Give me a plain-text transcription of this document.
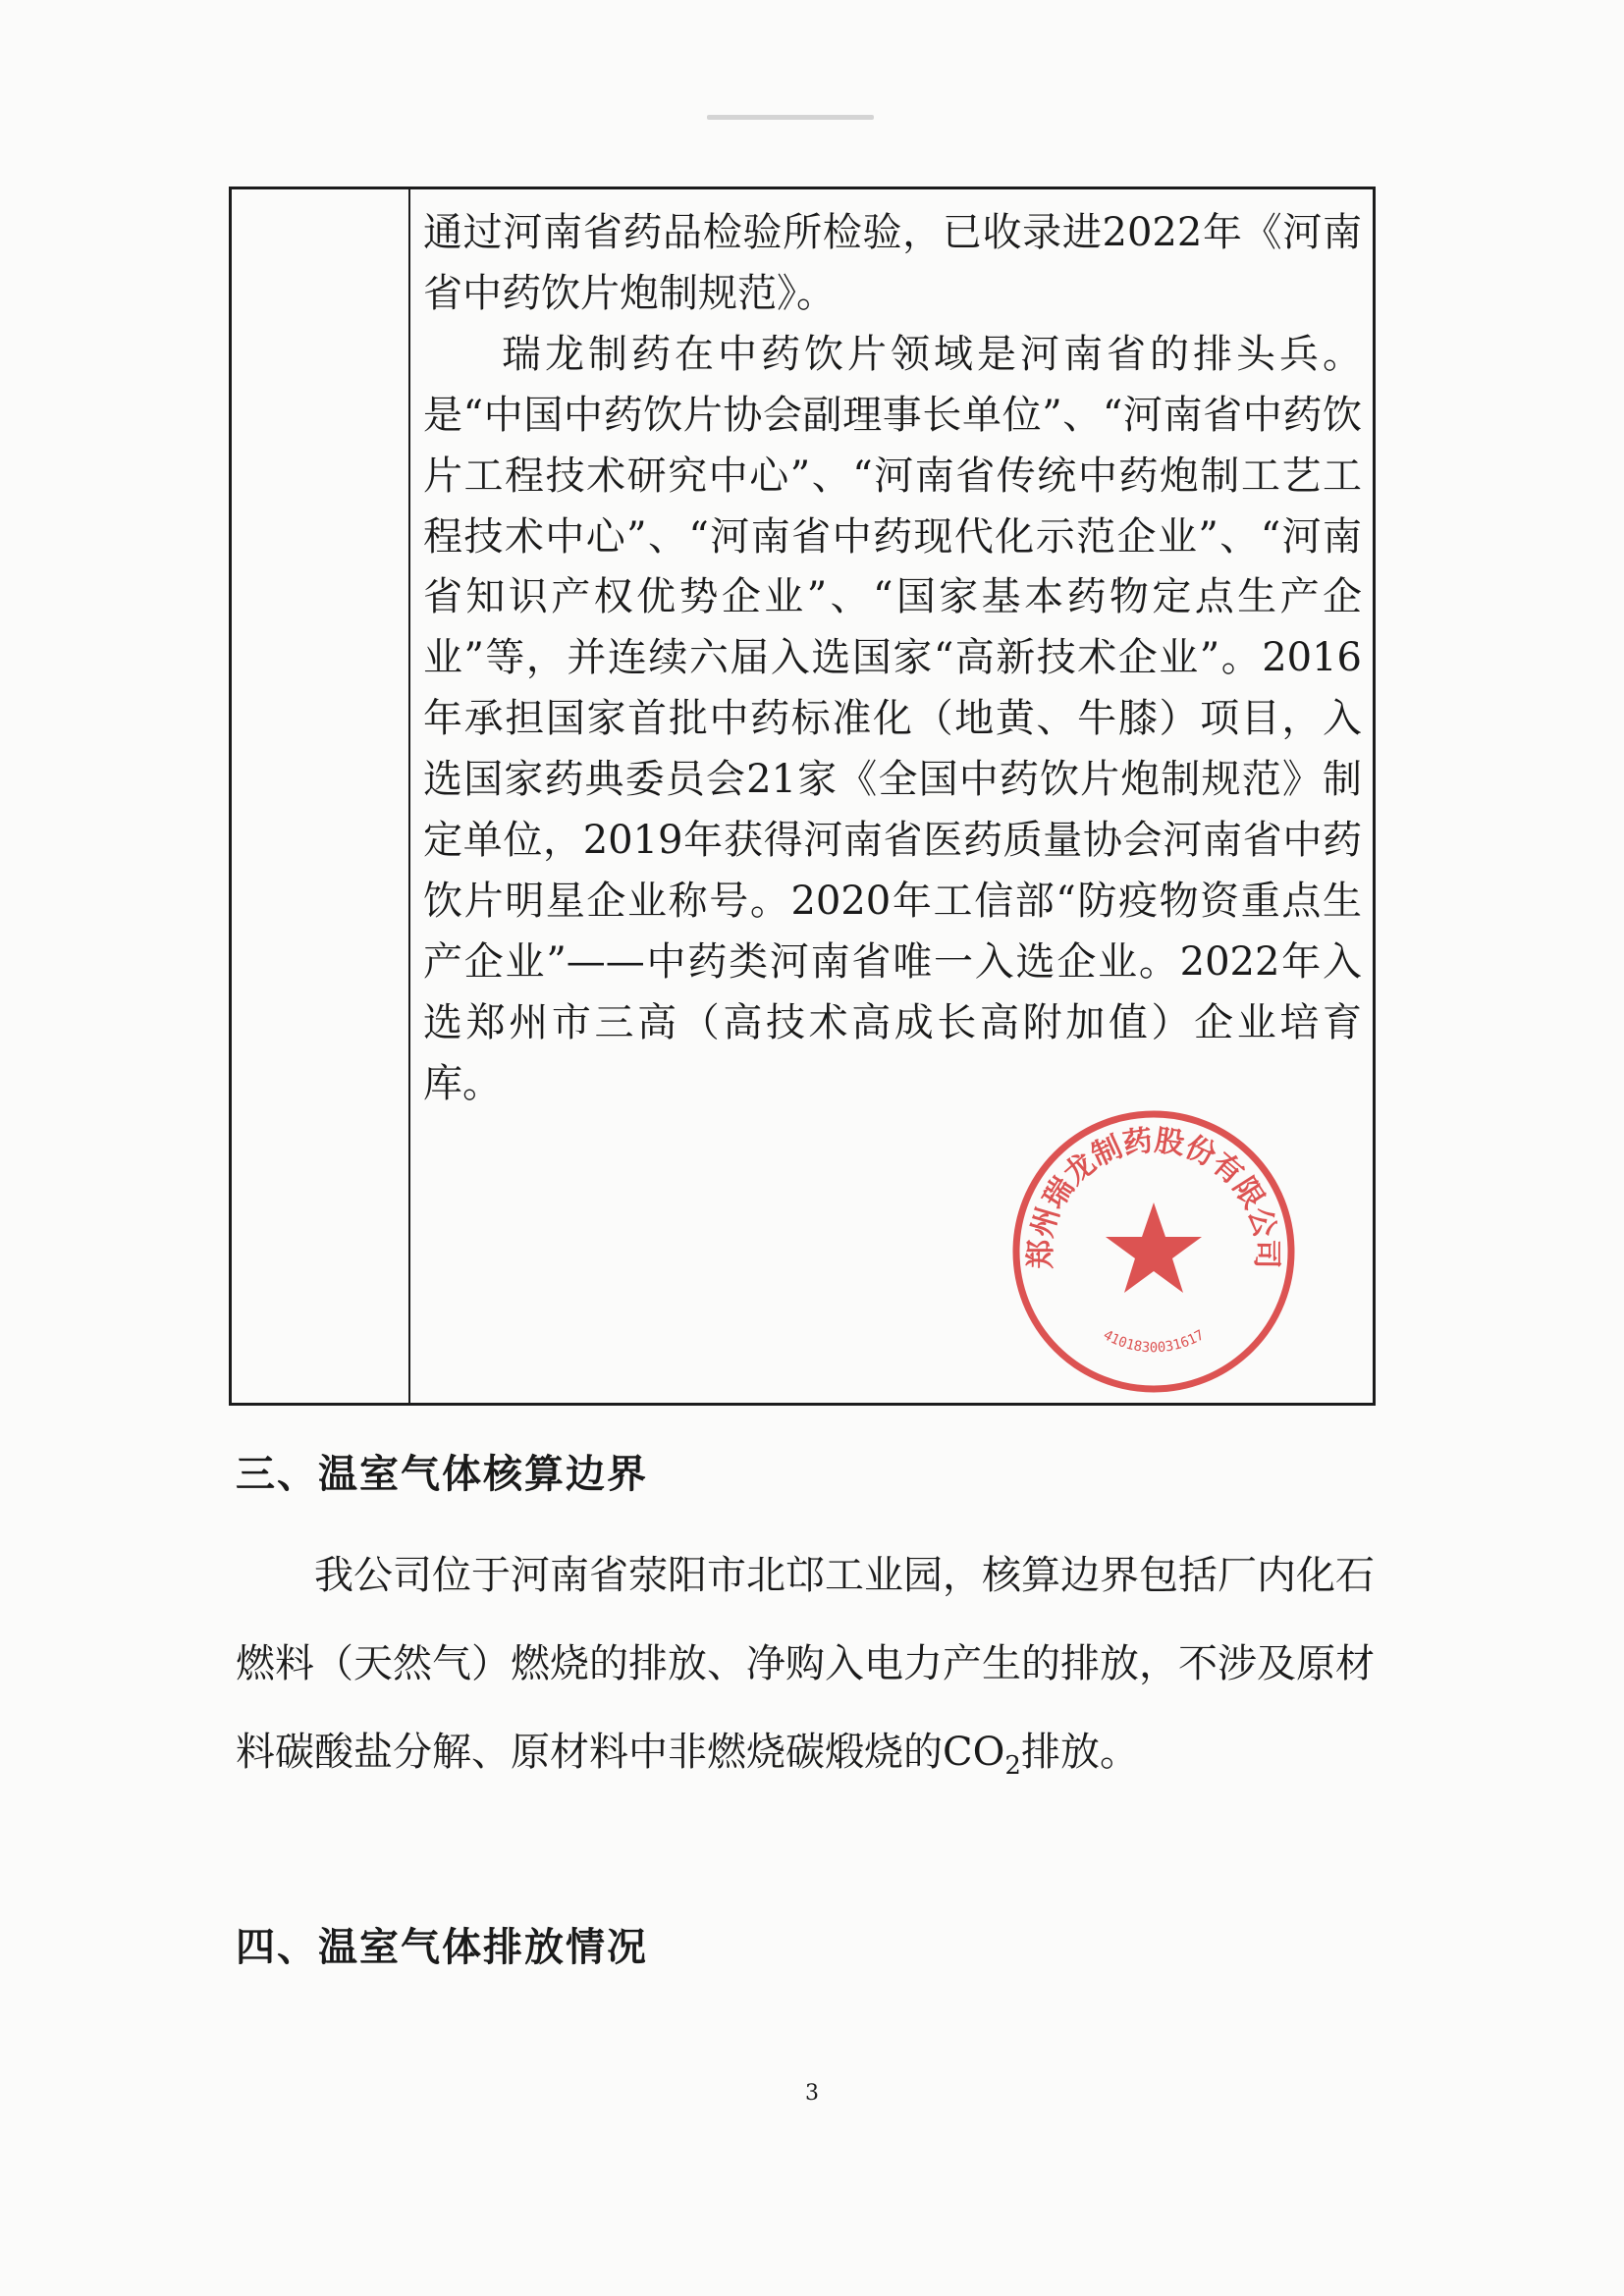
通过河南省药品检验所检验，已收录进2022年《河南省中药饮片炮制规范》。

瑞龙制药在中药饮片领域是河南省的排头兵。是“中国中药饮片协会副理事长单位”、“河南省中药饮片工程技术研究中心”、“河南省传统中药炮制工艺工程技术中心”、“河南省中药现代化示范企业”、“河南省知识产权优势企业”、“国家基本药物定点生产企业”等，并连续六届入选国家“高新技术企业”。2016年承担国家首批中药标准化（地黄、牛膝）项目，入选国家药典委员会21家《全国中药饮片炮制规范》制定单位，2019年获得河南省医药质量协会河南省中药饮片明星企业称号。2020年工信部“防疫物资重点生产企业”——中药类河南省唯一入选企业。2022年入选郑州市三高（高技术高成长高附加值）企业培育库。

三、温室气体核算边界

我公司位于河南省荥阳市北邙工业园，核算边界包括厂内化石燃料（天然气）燃烧的排放、净购入电力产生的排放，不涉及原材料碳酸盐分解、原材料中非燃烧碳煅烧的$CO_2$排放。

四、温室气体排放情况
3
郑州瑞龙制药股份有限公司
4101830031617
